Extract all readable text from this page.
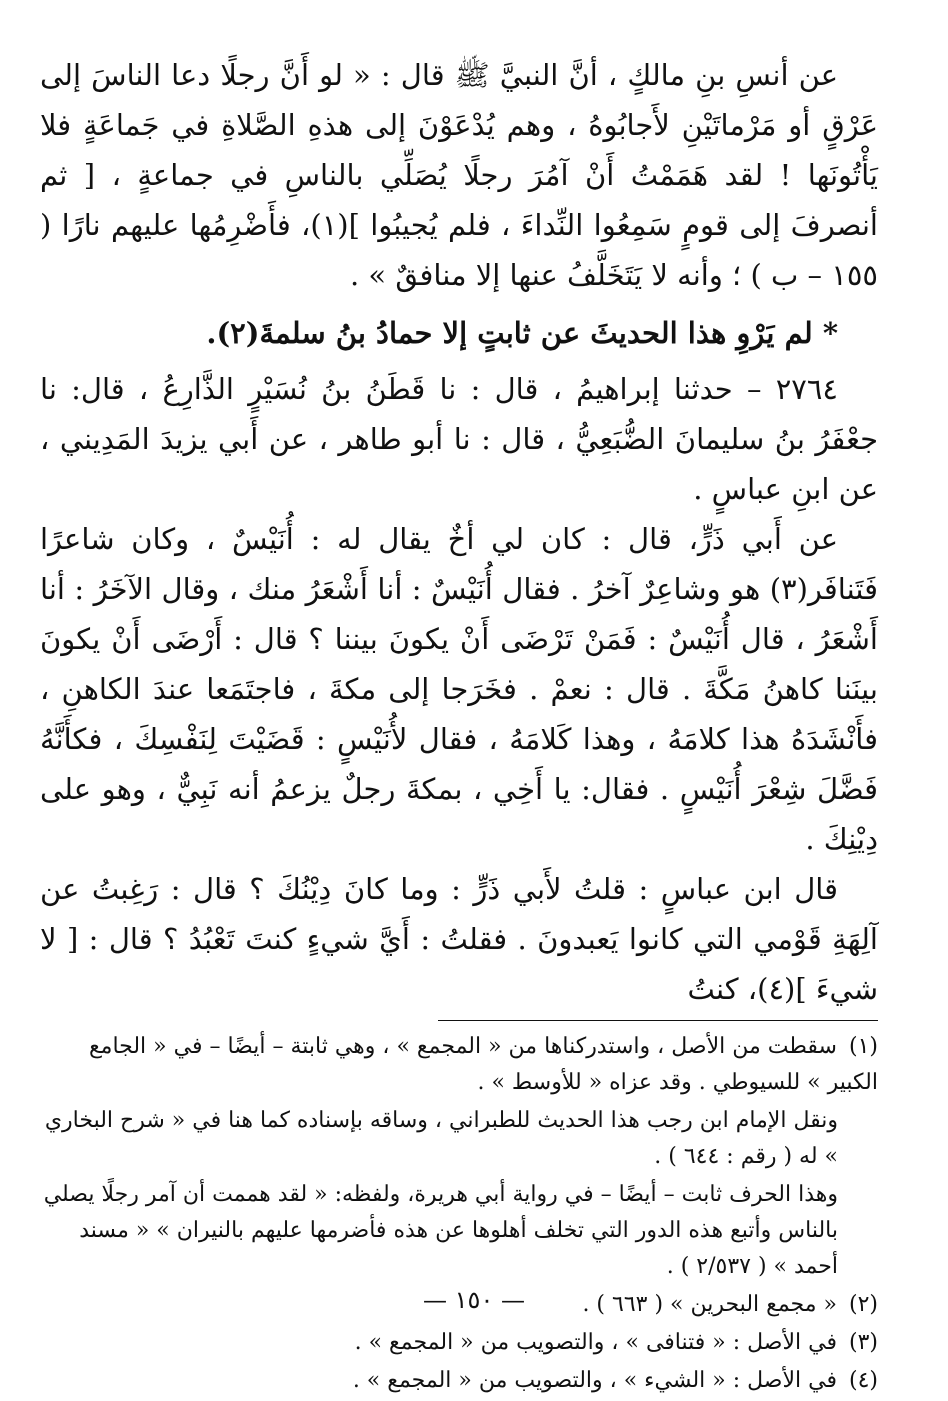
عن أنسِ بنِ مالكٍ ، أنَّ النبيَّ ﷺ قال : « لو أَنَّ رجلًا دعا الناسَ إلى عَرْقٍ أو مَرْماتَيْنِ لأَجابُوهُ ، وهم يُدْعَوْنَ إلى هذهِ الصَّلاةِ في جَماعَةٍ فلا يَأْتُونَها ! لقد هَمَمْتُ أَنْ آمُرَ رجلًا يُصَلِّي بالناسِ في جماعةٍ ، [ ثم أنصرفَ إلى قومٍ سَمِعُوا النِّداءَ ، فلم يُجيبُوا ](١)، فأَضْرِمُها عليهم نارًا ( ١٥٥ – ب ) ؛ وأنه لا يَتَخَلَّفُ عنها إلا منافقٌ » .

* لم يَرْوِ هذا الحديثَ عن ثابتٍ إلا حمادُ بنُ سلمةَ(٢).

٢٧٦٤ – حدثنا إبراهيمُ ، قال : نا قَطَنُ بنُ نُسَيْرٍ الذَّارِعُ ، قال: نا جعْفَرُ بنُ سليمانَ الضُّبَعِيُّ ، قال : نا أبو طاهر ، عن أَبي يزيدَ المَدِيني ، عن ابنِ عباسٍ .

عن أَبي ذَرٍّ، قال : كان لي أخٌ يقال له : أُنَيْسٌ ، وكان شاعرًا فَتَنافَر(٣) هو وشاعِرٌ آخرُ . فقال أُنَيْسٌ : أنا أَشْعَرُ منك ، وقال الآخَرُ : أنا أَشْعَرُ ، قال أُنَيْسٌ : فَمَنْ تَرْضَى أَنْ يكونَ بيننا ؟ قال : أَرْضَى أَنْ يكونَ بينَنا كاهنُ مَكَّةَ . قال : نعمْ . فخَرَجا إلى مكةَ ، فاجتَمَعا عندَ الكاهنِ ، فأَنْشَدَهُ هذا كلامَهُ ، وهذا كَلامَهُ ، فقال لأُنَيْسٍ : قَضَيْتَ لِنَفْسِكَ ، فكأَنَّهُ فَضَّلَ شِعْرَ أُنَيْسٍ . فقال: يا أَخِي ، بمكةَ رجلٌ يزعمُ أنه نَبِيٌّ ، وهو على دِيْنِكَ .

قال ابن عباسٍ : قلتُ لأَبي ذَرٍّ : وما كانَ دِيْنُكَ ؟ قال : رَغِبتُ عن آلِهَةِ قَوْمي التي كانوا يَعبدونَ . فقلتُ : أَيَّ شيءٍ كنتَ تَعْبُدُ ؟ قال : [ لا شيءَ ](٤)، كنتُ

(١) سقطت من الأصل ، واستدركناها من « المجمع » ، وهي ثابتة – أيضًا – في « الجامع الكبير » للسيوطي . وقد عزاه « للأوسط » .

ونقل الإمام ابن رجب هذا الحديث للطبراني ، وساقه بإسناده كما هنا في « شرح البخاري » له ( رقم : ٦٤٤ ) .

وهذا الحرف ثابت – أيضًا – في رواية أبي هريرة، ولفظه: « لقد هممت أن آمر رجلًا يصلي بالناس وأتبع هذه الدور التي تخلف أهلوها عن هذه فأضرمها عليهم بالنيران » « مسند أحمد » ( ٢/٥٣٧ ) .

(٢) « مجمع البحرين » ( ٦٦٣ ) .

(٣) في الأصل : « فتنافى » ، والتصويب من « المجمع » .

(٤) في الأصل : « الشيء » ، والتصويب من « المجمع » .

— ١٥٠ —
